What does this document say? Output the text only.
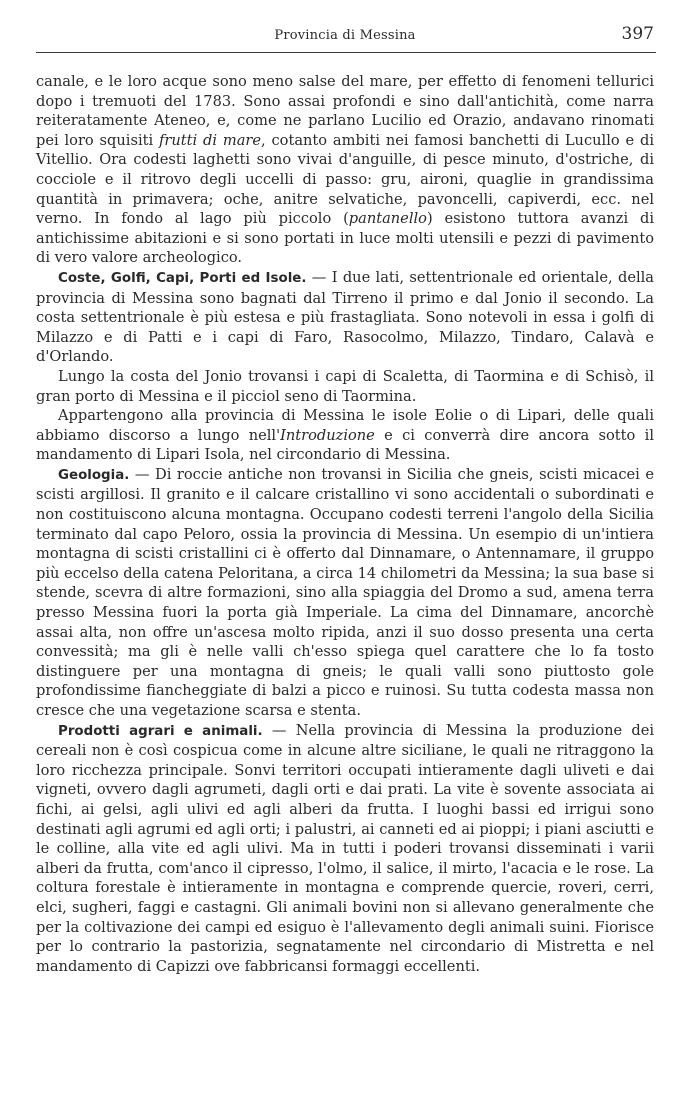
Provincia di Messina	397

canale, e le loro acque sono meno salse del mare, per effetto di fenomeni tellurici dopo i tremuoti del 1783. Sono assai profondi e sino dall'antichità, come narra reiteratamente Ateneo, e, come ne parlano Lucilio ed Orazio, andavano rinomati pei loro squisiti frutti di mare, cotanto ambiti nei famosi banchetti di Lucullo e di Vitellio. Ora codesti laghetti sono vivai d'anguille, di pesce minuto, d'ostriche, di cocciole e il ritrovo degli uccelli di passo: gru, aironi, quaglie in grandissima quantità in primavera; oche, anitre selvatiche, pavoncelli, capiverdi, ecc. nel verno. In fondo al lago più piccolo (pantanello) esistono tuttora avanzi di antichissime abitazioni e si sono portati in luce molti utensili e pezzi di pavimento di vero valore archeologico.

Coste, Golfi, Capi, Porti ed Isole. — I due lati, settentrionale ed orientale, della provincia di Messina sono bagnati dal Tirreno il primo e dal Jonio il secondo. La costa settentrionale è più estesa e più frastagliata. Sono notevoli in essa i golfi di Milazzo e di Patti e i capi di Faro, Rasocolmo, Milazzo, Tindaro, Calavà e d'Orlando.

Lungo la costa del Jonio trovansi i capi di Scaletta, di Taormina e di Schisò, il gran porto di Messina e il picciol seno di Taormina.

Appartengono alla provincia di Messina le isole Eolie o di Lipari, delle quali abbiamo discorso a lungo nell'Introduzione e ci converrà dire ancora sotto il mandamento di Lipari Isola, nel circondario di Messina.

Geologia. — Di roccie antiche non trovansi in Sicilia che gneis, scisti micacei e scisti argillosi. Il granito e il calcare cristallino vi sono accidentali o subordinati e non costituiscono alcuna montagna. Occupano codesti terreni l'angolo della Sicilia terminato dal capo Peloro, ossia la provincia di Messina. Un esempio di un'intiera montagna di scisti cristallini ci è offerto dal Dinnamare, o Antennamare, il gruppo più eccelso della catena Peloritana, a circa 14 chilometri da Messina; la sua base si stende, scevra di altre formazioni, sino alla spiaggia del Dromo a sud, amena terra presso Messina fuori la porta già Imperiale. La cima del Dinnamare, ancorchè assai alta, non offre un'ascesa molto ripida, anzi il suo dosso presenta una certa convessità; ma gli è nelle valli ch'esso spiega quel carattere che lo fa tosto distinguere per una montagna di gneis; le quali valli sono piuttosto gole profondissime fiancheggiate di balzi a picco e ruinosi. Su tutta codesta massa non cresce che una vegetazione scarsa e stenta.

Prodotti agrari e animali. — Nella provincia di Messina la produzione dei cereali non è così cospicua come in alcune altre siciliane, le quali ne ritraggono la loro ricchezza principale. Sonvi territori occupati intieramente dagli uliveti e dai vigneti, ovvero dagli agrumeti, dagli orti e dai prati. La vite è sovente associata ai fichi, ai gelsi, agli ulivi ed agli alberi da frutta. I luoghi bassi ed irrigui sono destinati agli agrumi ed agli orti; i palustri, ai canneti ed ai pioppi; i piani asciutti e le colline, alla vite ed agli ulivi. Ma in tutti i poderi trovansi disseminati i varii alberi da frutta, com'anco il cipresso, l'olmo, il salice, il mirto, l'acacia e le rose. La coltura forestale è intieramente in montagna e comprende quercie, roveri, cerri, elci, sugheri, faggi e castagni. Gli animali bovini non si allevano generalmente che per la coltivazione dei campi ed esiguo è l'allevamento degli animali suini. Fiorisce per lo contrario la pastorizia, segnatamente nel circondario di Mistretta e nel mandamento di Capizzi ove fabbricansi formaggi eccellenti.
